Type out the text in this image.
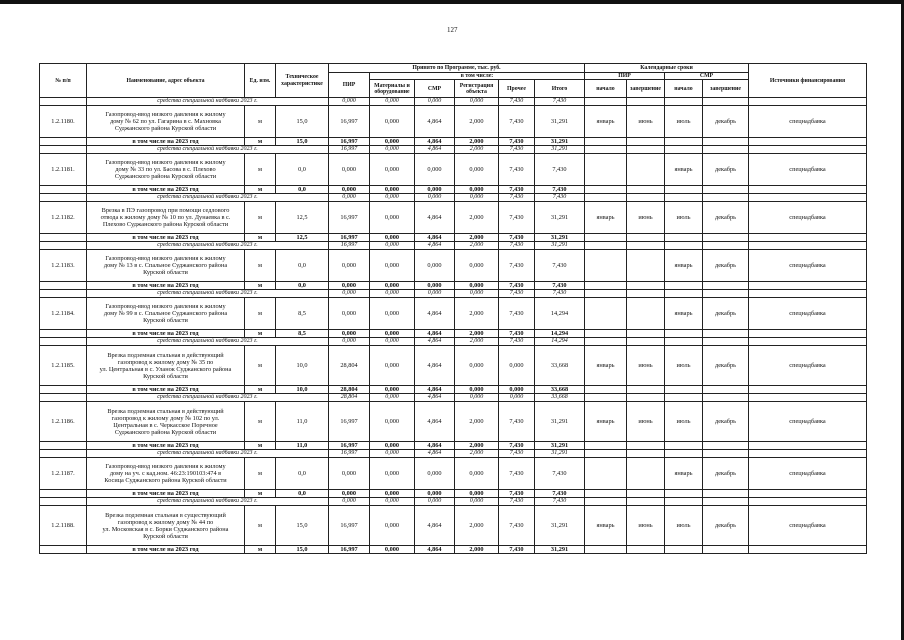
127
№ п/п	Наименование, адрес объекта	Ед. изм.	Техническое характеристике	Принято по Программе, тыс. руб.						Календарные сроки				Источники финансирования
				ПИР	в том числе:					ПИР		СМР		
					Материалы и оборудование	СМР	Регистрация объекта	Прочее	Итого	начало	завершение	начало	завершение	
	средства специальной надбавки 2023 г.			0,000	0,000	0,000	0,000	7,430	7,430					
1.2.1180.	Газопровод-ввод низкого давления к жилому
дому № 62 по ул. Гагарина в с. Махновка
Суджанского района Курской области	м	15,0	16,997	0,000	4,864	2,000	7,430	31,291	январь	июнь	июль	декабрь	спецнадбавка
	в том числе на 2023 год	м	15,0	16,997	0,000	4,864	2,000	7,430	31,291					
	средства специальной надбавки 2023 г.			16,997	0,000	4,864	2,000	7,430	31,291					
1.2.1181.	Газопровод-ввод низкого давления к жилому
дому № 33 по ул. Басова в с. Плехово
Суджанского района Курской области	м	0,0	0,000	0,000	0,000	0,000	7,430	7,430			январь	декабрь	спецнадбавка
	в том числе на 2023 год	м	0,0	0,000	0,000	0,000	0,000	7,430	7,430					
	средства специальной надбавки 2023 г.			0,000	0,000	0,000	0,000	7,430	7,430					
1.2.1182.	Врезка в ПЭ газопровод при помощи седлового
отвода к жилому дому № 10 по ул. Дунаевка в с.
Плехово Суджанского района Курской области	м	12,5	16,997	0,000	4,864	2,000	7,430	31,291	январь	июнь	июль	декабрь	спецнадбавка
	в том числе на 2023 год	м	12,5	16,997	0,000	4,864	2,000	7,430	31,291					
	средства специальной надбавки 2023 г.			16,997	0,000	4,864	2,000	7,430	31,291					
1.2.1183.	Газопровод-ввод низкого давления к жилому
дому № 13 в с. Спальное Суджанского района
Курской области	м	0,0	0,000	0,000	0,000	0,000	7,430	7,430			январь	декабрь	спецнадбавка
	в том числе на 2023 год	м	0,0	0,000	0,000	0,000	0,000	7,430	7,430					
	средства специальной надбавки 2023 г.			0,000	0,000	0,000	0,000	7,430	7,430					
1.2.1184.	Газопровод-ввод низкого давления к жилому
дому № 99 в с. Спальное Суджанского района
Курской области	м	8,5	0,000	0,000	4,864	2,000	7,430	14,294			январь	декабрь	спецнадбавка
	в том числе на 2023 год	м	8,5	0,000	0,000	4,864	2,000	7,430	14,294					
	средства специальной надбавки 2023 г.			0,000	0,000	4,864	2,000	7,430	14,294					
1.2.1185.	Врезка подземная стальная в действующий
газопровод к жилому дому № 35 по
ул. Центральная в с. Уланок Суджанского района
Курской области	м	10,0	28,804	0,000	4,864	0,000	0,000	33,668	январь	июнь	июль	декабрь	спецнадбавка
	в том числе на 2023 год	м	10,0	28,804	0,000	4,864	0,000	0,000	33,668					
	средства специальной надбавки 2023 г.			28,804	0,000	4,864	0,000	0,000	33,668					
1.2.1186.	Врезка подземная стальная в действующий
газопровод к жилому дому № 102 по ул.
Центральная в с. Черкасское Поречное
Суджанского района Курской области	м	11,0	16,997	0,000	4,864	2,000	7,430	31,291	январь	июнь	июль	декабрь	спецнадбавка
	в том числе на 2023 год	м	11,0	16,997	0,000	4,864	2,000	7,430	31,291					
	средства специальной надбавки 2023 г.			16,997	0,000	4,864	2,000	7,430	31,291					
1.2.1187.	Газопровод-ввод низкого давления к жилому
дому на уч. с кад.ном. 46:23:190103:474 в
Косица Суджанского района Курской области	м	0,0	0,000	0,000	0,000	0,000	7,430	7,430			январь	декабрь	спецнадбавка
	в том числе на 2023 год	м	0,0	0,000	0,000	0,000	0,000	7,430	7,430					
	средства специальной надбавки 2023 г.			0,000	0,000	0,000	0,000	7,430	7,430					
1.2.1188.	Врезка подземная стальная в существующий
газопровод к жилому дому № 44 по
ул. Московская в с. Борки Суджанского района
Курской области	м	15,0	16,997	0,000	4,864	2,000	7,430	31,291	январь	июнь	июль	декабрь	спецнадбавка
	в том числе на 2023 год	м	15,0	16,997	0,000	4,864	2,000	7,430	31,291					
